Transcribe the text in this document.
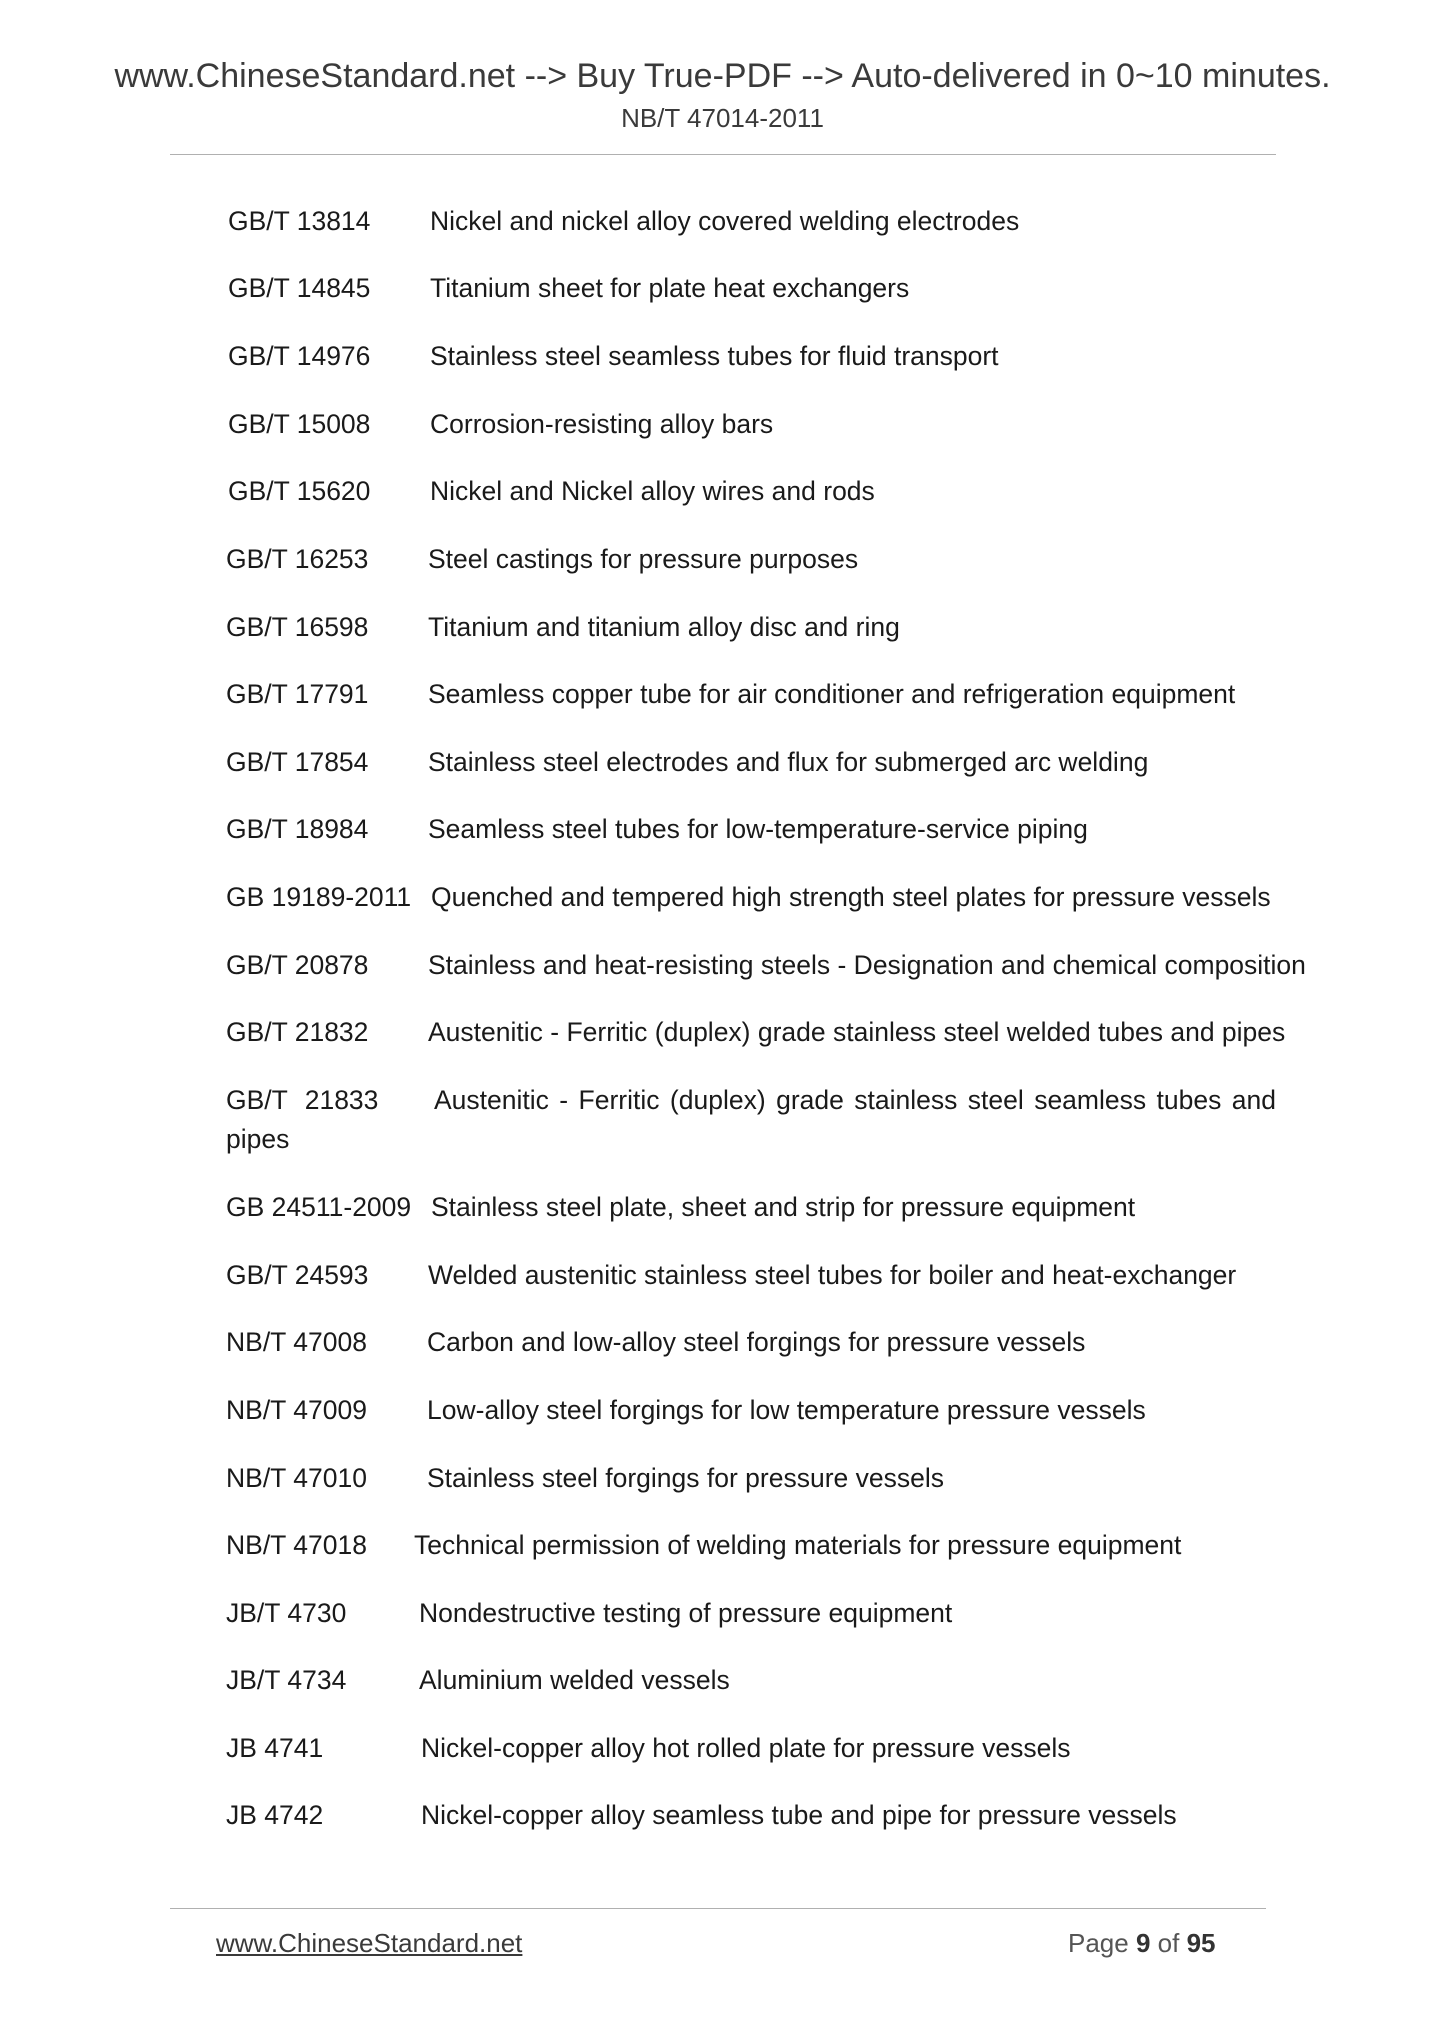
www.ChineseStandard.net --> Buy True-PDF --> Auto-delivered in 0~10 minutes.
NB/T 47014-2011
GB/T 13814 Nickel and nickel alloy covered welding electrodes
GB/T 14845 Titanium sheet for plate heat exchangers
GB/T 14976 Stainless steel seamless tubes for fluid transport
GB/T 15008 Corrosion-resisting alloy bars
GB/T 15620 Nickel and Nickel alloy wires and rods
GB/T 16253 Steel castings for pressure purposes
GB/T 16598 Titanium and titanium alloy disc and ring
GB/T 17791 Seamless copper tube for air conditioner and refrigeration equipment
GB/T 17854 Stainless steel electrodes and flux for submerged arc welding
GB/T 18984 Seamless steel tubes for low-temperature-service piping
GB 19189-2011 Quenched and tempered high strength steel plates for pressure vessels
GB/T 20878 Stainless and heat-resisting steels - Designation and chemical composition
GB/T 21832 Austenitic - Ferritic (duplex) grade stainless steel welded tubes and pipes
GB/T 21833 Austenitic - Ferritic (duplex) grade stainless steel seamless tubes and
pipes
GB 24511-2009 Stainless steel plate, sheet and strip for pressure equipment
GB/T 24593 Welded austenitic stainless steel tubes for boiler and heat-exchanger
NB/T 47008 Carbon and low-alloy steel forgings for pressure vessels
NB/T 47009 Low-alloy steel forgings for low temperature pressure vessels
NB/T 47010 Stainless steel forgings for pressure vessels
NB/T 47018 Technical permission of welding materials for pressure equipment
JB/T 4730	Nondestructive testing of pressure equipment
JB/T 4734	Aluminium welded vessels
JB 4741	Nickel-copper alloy hot rolled plate for pressure vessels
JB 4742	Nickel-copper alloy seamless tube and pipe for pressure vessels
www.ChineseStandard.net	Page 9 of 95
